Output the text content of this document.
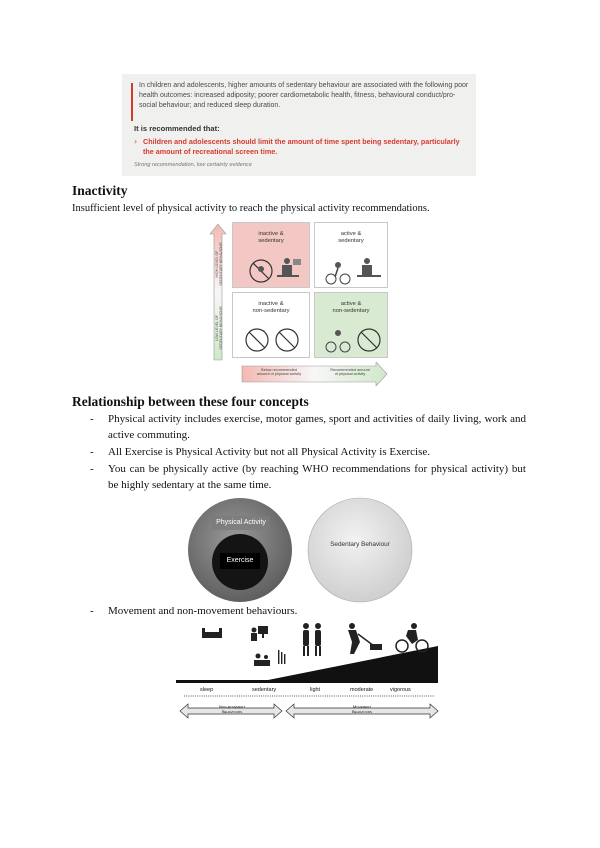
In children and adolescents, higher amounts of sedentary behaviour are associated with the following poor health outcomes: increased adiposity; poorer cardiometabolic health, fitness, behavioural conduct/pro-social behaviour; and reduced sleep duration.
It is recommended that:
› Children and adolescents should limit the amount of time spent being sedentary, particularly the amount of recreational screen time.
Strong recommendation, low certainty evidence
Inactivity
Insufficient level of physical activity to reach the physical activity recommendations.
HIGH LEVEL OF SEDENTARY BEHAVIOUR
LOW LEVEL OF SEDENTARY BEHAVIOUR
inactive &
sedentary
active &
sedentary
inactive &
non-sedentary
active &
non-sedentary
Below recommended
amount of physical activity
Recommended amount
of physical activity
Relationship between these four concepts
- Physical activity includes exercise, motor games, sport and activities of daily living, work and active commuting.
- All Exercise is Physical Activity but not all Physical Activity is Exercise.
- You can be physically active (by reaching WHO recommendations for physical activity) but be highly sedentary at the same time.
Physical Activity
Exercise
Sedentary Behaviour
- Movement and non-movement behaviours.
sleep	sedentary	light	moderate	vigorous
Non-movement
Behaviours
Movement
Behaviours
